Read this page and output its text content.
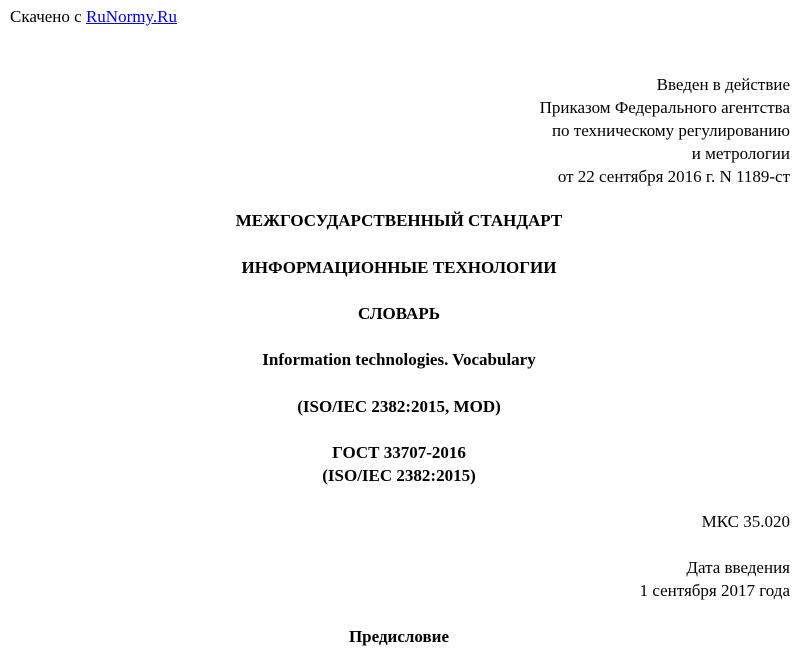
Скачено с RuNormy.Ru
Введен в действие
Приказом Федерального агентства
по техническому регулированию
и метрологии
от 22 сентября 2016 г. N 1189-ст
МЕЖГОСУДАРСТВЕННЫЙ СТАНДАРТ
ИНФОРМАЦИОННЫЕ ТЕХНОЛОГИИ
СЛОВАРЬ
Information technologies. Vocabulary
(ISO/IEC 2382:2015, MOD)
ГОСТ 33707-2016
(ISO/IEC 2382:2015)
МКС 35.020
Дата введения
1 сентября 2017 года
Предисловие
